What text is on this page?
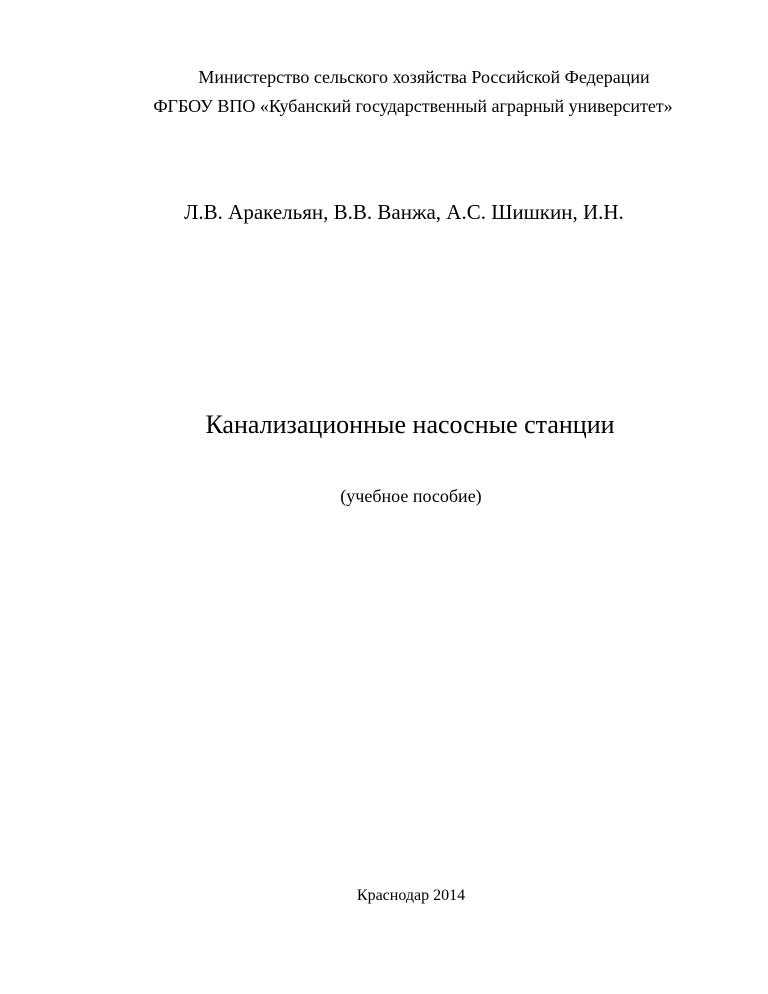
Министерство сельского хозяйства Российской Федерации
ФГБОУ ВПО «Кубанский государственный аграрный университет»
Л.В. Аракельян, В.В. Ванжа, А.С. Шишкин, И.Н.
Канализационные насосные станции
(учебное пособие)
Краснодар 2014
